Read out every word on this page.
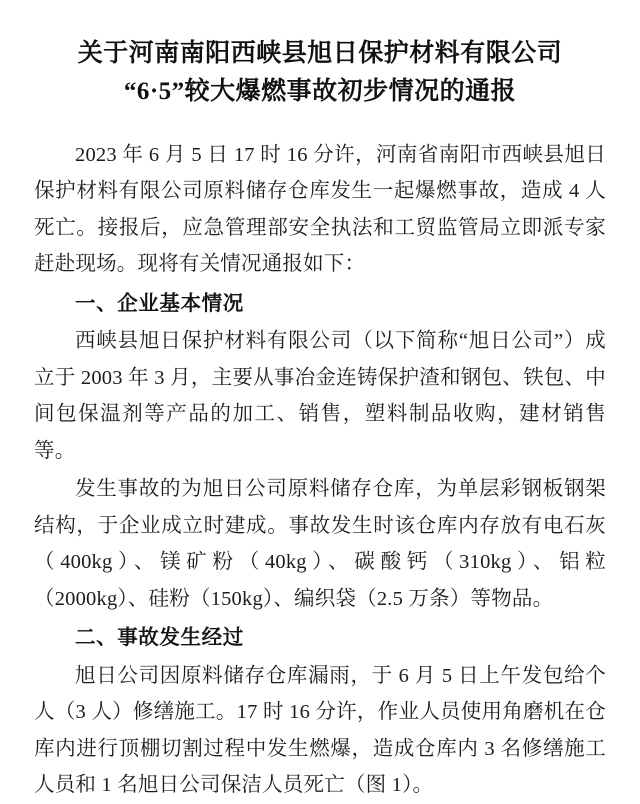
关于河南南阳西峡县旭日保护材料有限公司
“6·5”较大爆燃事故初步情况的通报

2023 年 6 月 5 日 17 时 16 分许，河南省南阳市西峡县旭日保护材料有限公司原料储存仓库发生一起爆燃事故，造成 4 人死亡。接报后，应急管理部安全执法和工贸监管局立即派专家赶赴现场。现将有关情况通报如下：

一、企业基本情况

西峡县旭日保护材料有限公司（以下简称“旭日公司”）成立于 2003 年 3 月，主要从事冶金连铸保护渣和钢包、铁包、中间包保温剂等产品的加工、销售，塑料制品收购，建材销售等。

发生事故的为旭日公司原料储存仓库，为单层彩钢板钢架结构，于企业成立时建成。事故发生时该仓库内存放有电石灰（400kg）、镁矿粉（40kg）、碳酸钙（310kg）、铝粒（2000kg）、硅粉（150kg）、编织袋（2.5 万条）等物品。

二、事故发生经过

旭日公司因原料储存仓库漏雨，于 6 月 5 日上午发包给个人（3 人）修缮施工。17 时 16 分许，作业人员使用角磨机在仓库内进行顶棚切割过程中发生燃爆，造成仓库内 3 名修缮施工人员和 1 名旭日公司保洁人员死亡（图 1）。
